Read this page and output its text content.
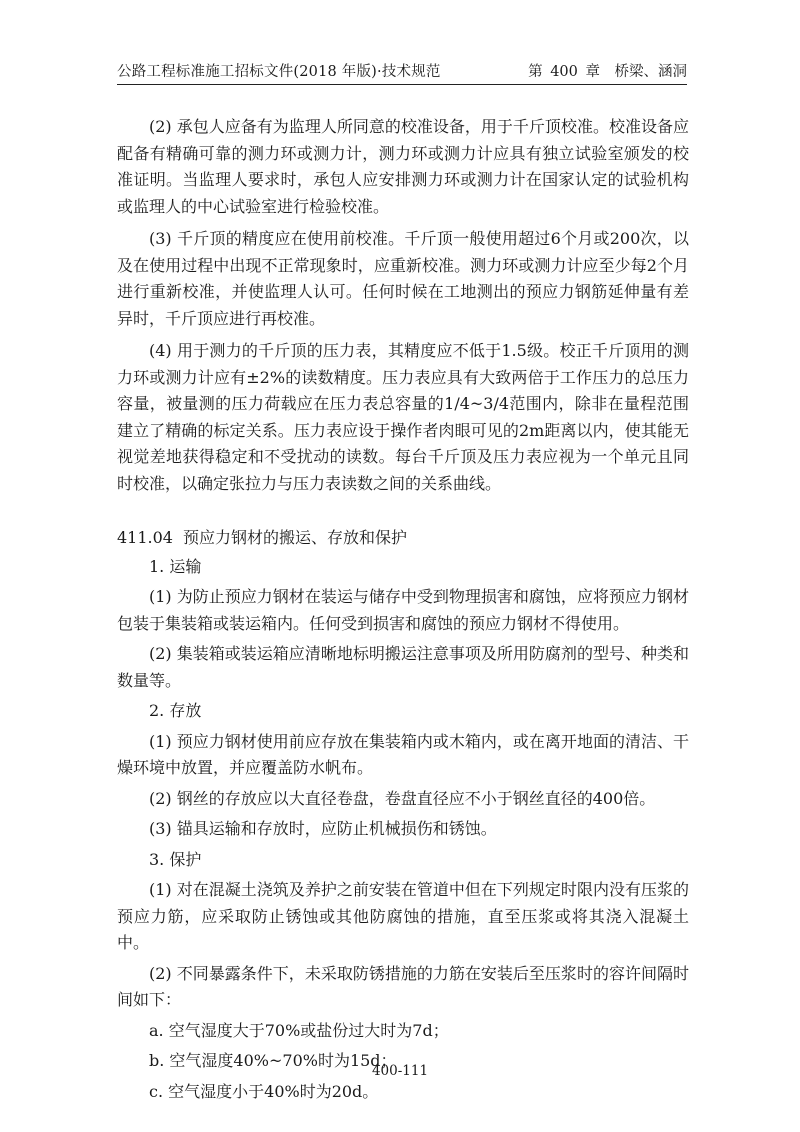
公路工程标准施工招标文件(2018 年版)·技术规范	第 400 章　桥梁、涵洞

(2) 承包人应备有为监理人所同意的校准设备，用于千斤顶校准。校准设备应配备有精确可靠的测力环或测力计，测力环或测力计应具有独立试验室颁发的校准证明。当监理人要求时，承包人应安排测力环或测力计在国家认定的试验机构或监理人的中心试验室进行检验校准。

(3) 千斤顶的精度应在使用前校准。千斤顶一般使用超过6个月或200次，以及在使用过程中出现不正常现象时，应重新校准。测力环或测力计应至少每2个月进行重新校准，并使监理人认可。任何时候在工地测出的预应力钢筋延伸量有差异时，千斤顶应进行再校准。

(4) 用于测力的千斤顶的压力表，其精度应不低于1.5级。校正千斤顶用的测力环或测力计应有±2%的读数精度。压力表应具有大致两倍于工作压力的总压力容量，被量测的压力荷载应在压力表总容量的1/4~3/4范围内，除非在量程范围建立了精确的标定关系。压力表应设于操作者肉眼可见的2m距离以内，使其能无视觉差地获得稳定和不受扰动的读数。每台千斤顶及压力表应视为一个单元且同时校准，以确定张拉力与压力表读数之间的关系曲线。

411.04 预应力钢材的搬运、存放和保护

1. 运输

(1) 为防止预应力钢材在装运与储存中受到物理损害和腐蚀，应将预应力钢材包装于集装箱或装运箱内。任何受到损害和腐蚀的预应力钢材不得使用。

(2) 集装箱或装运箱应清晰地标明搬运注意事项及所用防腐剂的型号、种类和数量等。

2. 存放

(1) 预应力钢材使用前应存放在集装箱内或木箱内，或在离开地面的清洁、干燥环境中放置，并应覆盖防水帆布。

(2) 钢丝的存放应以大直径卷盘，卷盘直径应不小于钢丝直径的400倍。

(3) 锚具运输和存放时，应防止机械损伤和锈蚀。

3. 保护

(1) 对在混凝土浇筑及养护之前安装在管道中但在下列规定时限内没有压浆的预应力筋，应采取防止锈蚀或其他防腐蚀的措施，直至压浆或将其浇入混凝土中。

(2) 不同暴露条件下，未采取防锈措施的力筋在安装后至压浆时的容许间隔时间如下：

a. 空气湿度大于70%或盐份过大时为7d；

b. 空气湿度40%~70%时为15d；

c. 空气湿度小于40%时为20d。

400-111
